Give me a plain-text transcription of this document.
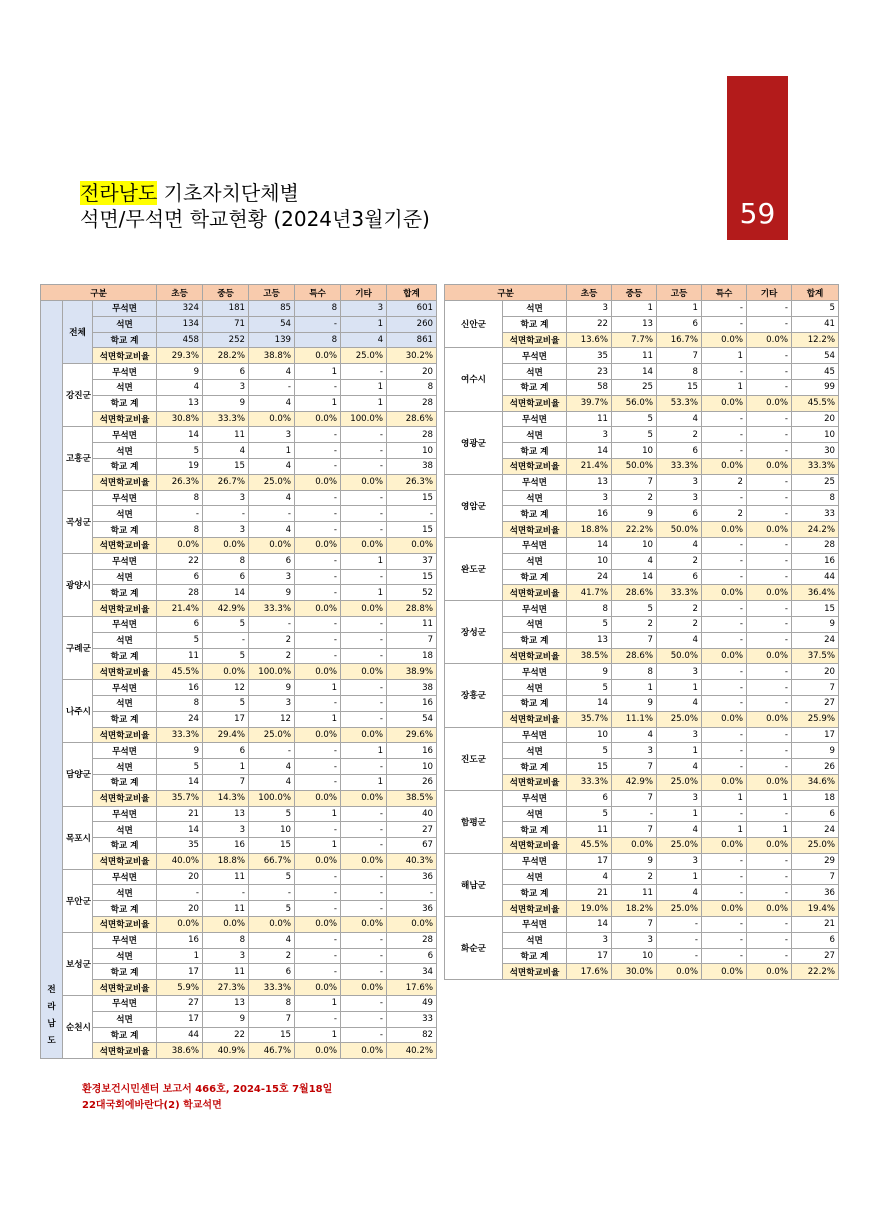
59
전라남도 기초자치단체별
석면/무석면 학교현황 (2024년3월기준)
구분			초등	중등	고등	특수	기타	합계
전
라
남
도	전체	무석면	324	181	85	8	3	601
		석면	134	71	54	-	1	260
		학교 계	458	252	139	8	4	861
		석면학교비율	29.3%	28.2%	38.8%	0.0%	25.0%	30.2%
	강진군	무석면	9	6	4	1	-	20
		석면	4	3	-	-	1	8
		학교 계	13	9	4	1	1	28
		석면학교비율	30.8%	33.3%	0.0%	0.0%	100.0%	28.6%
	고흥군	무석면	14	11	3	-	-	28
		석면	5	4	1	-	-	10
		학교 계	19	15	4	-	-	38
		석면학교비율	26.3%	26.7%	25.0%	0.0%	0.0%	26.3%
	곡성군	무석면	8	3	4	-	-	15
		석면	-	-	-	-	-	-
		학교 계	8	3	4	-	-	15
		석면학교비율	0.0%	0.0%	0.0%	0.0%	0.0%	0.0%
	광양시	무석면	22	8	6	-	1	37
		석면	6	6	3	-	-	15
		학교 계	28	14	9	-	1	52
		석면학교비율	21.4%	42.9%	33.3%	0.0%	0.0%	28.8%
	구례군	무석면	6	5	-	-	-	11
		석면	5	-	2	-	-	7
		학교 계	11	5	2	-	-	18
		석면학교비율	45.5%	0.0%	100.0%	0.0%	0.0%	38.9%
	나주시	무석면	16	12	9	1	-	38
		석면	8	5	3	-	-	16
		학교 계	24	17	12	1	-	54
		석면학교비율	33.3%	29.4%	25.0%	0.0%	0.0%	29.6%
	담양군	무석면	9	6	-	-	1	16
		석면	5	1	4	-	-	10
		학교 계	14	7	4	-	1	26
		석면학교비율	35.7%	14.3%	100.0%	0.0%	0.0%	38.5%
	목포시	무석면	21	13	5	1	-	40
		석면	14	3	10	-	-	27
		학교 계	35	16	15	1	-	67
		석면학교비율	40.0%	18.8%	66.7%	0.0%	0.0%	40.3%
	무안군	무석면	20	11	5	-	-	36
		석면	-	-	-	-	-	-
		학교 계	20	11	5	-	-	36
		석면학교비율	0.0%	0.0%	0.0%	0.0%	0.0%	0.0%
	보성군	무석면	16	8	4	-	-	28
		석면	1	3	2	-	-	6
		학교 계	17	11	6	-	-	34
		석면학교비율	5.9%	27.3%	33.3%	0.0%	0.0%	17.6%
	순천시	무석면	27	13	8	1	-	49
		석면	17	9	7	-	-	33
		학교 계	44	22	15	1	-	82
		석면학교비율	38.6%	40.9%	46.7%	0.0%	0.0%	40.2%
구분		초등	중등	고등	특수	기타	합계
신안군	석면	3	1	1	-	-	5
	학교 계	22	13	6	-	-	41
	석면학교비율	13.6%	7.7%	16.7%	0.0%	0.0%	12.2%
여수시	무석면	35	11	7	1	-	54
	석면	23	14	8	-	-	45
	학교 계	58	25	15	1	-	99
	석면학교비율	39.7%	56.0%	53.3%	0.0%	0.0%	45.5%
영광군	무석면	11	5	4	-	-	20
	석면	3	5	2	-	-	10
	학교 계	14	10	6	-	-	30
	석면학교비율	21.4%	50.0%	33.3%	0.0%	0.0%	33.3%
영암군	무석면	13	7	3	2	-	25
	석면	3	2	3	-	-	8
	학교 계	16	9	6	2	-	33
	석면학교비율	18.8%	22.2%	50.0%	0.0%	0.0%	24.2%
완도군	무석면	14	10	4	-	-	28
	석면	10	4	2	-	-	16
	학교 계	24	14	6	-	-	44
	석면학교비율	41.7%	28.6%	33.3%	0.0%	0.0%	36.4%
장성군	무석면	8	5	2	-	-	15
	석면	5	2	2	-	-	9
	학교 계	13	7	4	-	-	24
	석면학교비율	38.5%	28.6%	50.0%	0.0%	0.0%	37.5%
장흥군	무석면	9	8	3	-	-	20
	석면	5	1	1	-	-	7
	학교 계	14	9	4	-	-	27
	석면학교비율	35.7%	11.1%	25.0%	0.0%	0.0%	25.9%
진도군	무석면	10	4	3	-	-	17
	석면	5	3	1	-	-	9
	학교 계	15	7	4	-	-	26
	석면학교비율	33.3%	42.9%	25.0%	0.0%	0.0%	34.6%
함평군	무석면	6	7	3	1	1	18
	석면	5	-	1	-	-	6
	학교 계	11	7	4	1	1	24
	석면학교비율	45.5%	0.0%	25.0%	0.0%	0.0%	25.0%
해남군	무석면	17	9	3	-	-	29
	석면	4	2	1	-	-	7
	학교 계	21	11	4	-	-	36
	석면학교비율	19.0%	18.2%	25.0%	0.0%	0.0%	19.4%
화순군	무석면	14	7	-	-	-	21
	석면	3	3	-	-	-	6
	학교 계	17	10	-	-	-	27
	석면학교비율	17.6%	30.0%	0.0%	0.0%	0.0%	22.2%
환경보건시민센터 보고서 466호, 2024-15호 7월18일
22대국회에바란다(2) 학교석면
